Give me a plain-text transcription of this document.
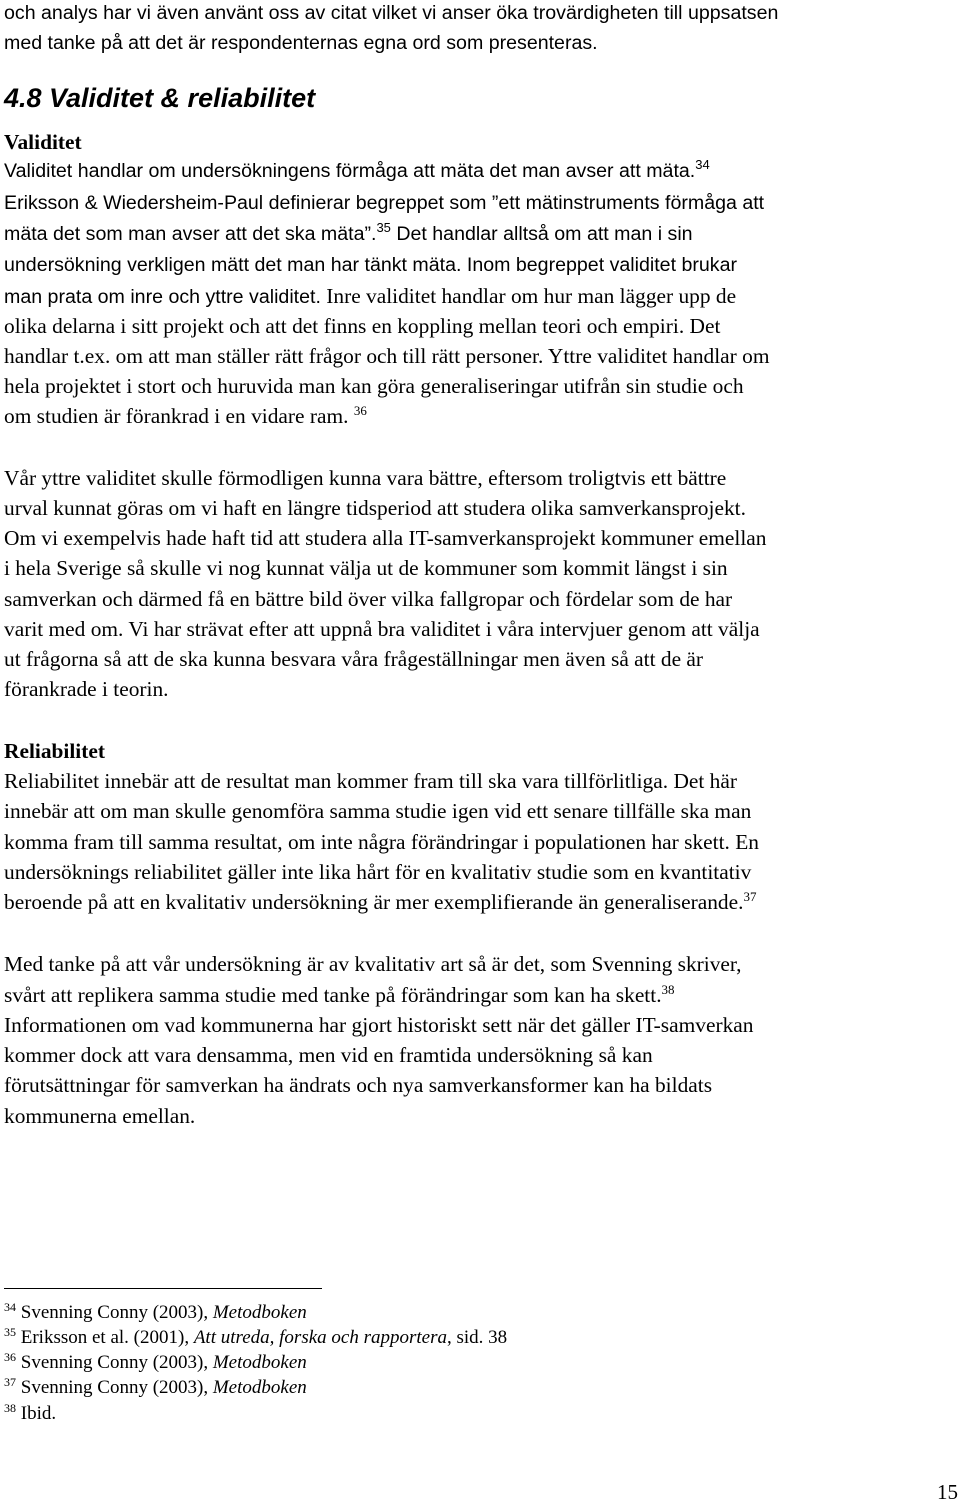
och analys har vi även använt oss av citat vilket vi anser öka trovärdigheten till uppsatsen
med tanke på att det är respondenternas egna ord som presenteras.
4.8 Validitet & reliabilitet
Validitet
Validitet handlar om undersökningens förmåga att mäta det man avser att mäta.$^{34}$
Eriksson & Wiedersheim-Paul definierar begreppet som ”ett mätinstruments förmåga att
mäta det som man avser att det ska mäta”.$^{35}$ Det handlar alltså om att man i sin
undersökning verkligen mätt det man har tänkt mäta. Inom begreppet validitet brukar
man prata om inre och yttre validitet. Inre validitet handlar om hur man lägger upp de
olika delarna i sitt projekt och att det finns en koppling mellan teori och empiri. Det
handlar t.ex. om att man ställer rätt frågor och till rätt personer. Yttre validitet handlar om
hela projektet i stort och huruvida man kan göra generaliseringar utifrån sin studie och
om studien är förankrad i en vidare ram. $^{36}$
Vår yttre validitet skulle förmodligen kunna vara bättre, eftersom troligtvis ett bättre
urval kunnat göras om vi haft en längre tidsperiod att studera olika samverkansprojekt.
Om vi exempelvis hade haft tid att studera alla IT-samverkansprojekt kommuner emellan
i hela Sverige så skulle vi nog kunnat välja ut de kommuner som kommit längst i sin
samverkan och därmed få en bättre bild över vilka fallgropar och fördelar som de har
varit med om. Vi har strävat efter att uppnå bra validitet i våra intervjuer genom att välja
ut frågorna så att de ska kunna besvara våra frågeställningar men även så att de är
förankrade i teorin.
Reliabilitet
Reliabilitet innebär att de resultat man kommer fram till ska vara tillförlitliga. Det här
innebär att om man skulle genomföra samma studie igen vid ett senare tillfälle ska man
komma fram till samma resultat, om inte några förändringar i populationen har skett. En
undersöknings reliabilitet gäller inte lika hårt för en kvalitativ studie som en kvantitativ
beroende på att en kvalitativ undersökning är mer exemplifierande än generaliserande.$^{37}$
Med tanke på att vår undersökning är av kvalitativ art så är det, som Svenning skriver,
svårt att replikera samma studie med tanke på förändringar som kan ha skett.$^{38}$
Informationen om vad kommunerna har gjort historiskt sett när det gäller IT-samverkan
kommer dock att vara densamma, men vid en framtida undersökning så kan
förutsättningar för samverkan ha ändrats och nya samverkansformer kan ha bildats
kommunerna emellan.
$^{34}$ Svenning Conny (2003), Metodboken
$^{35}$ Eriksson et al. (2001), Att utreda, forska och rapportera, sid. 38
$^{36}$ Svenning Conny (2003), Metodboken
$^{37}$ Svenning Conny (2003), Metodboken
$^{38}$ Ibid.
15
